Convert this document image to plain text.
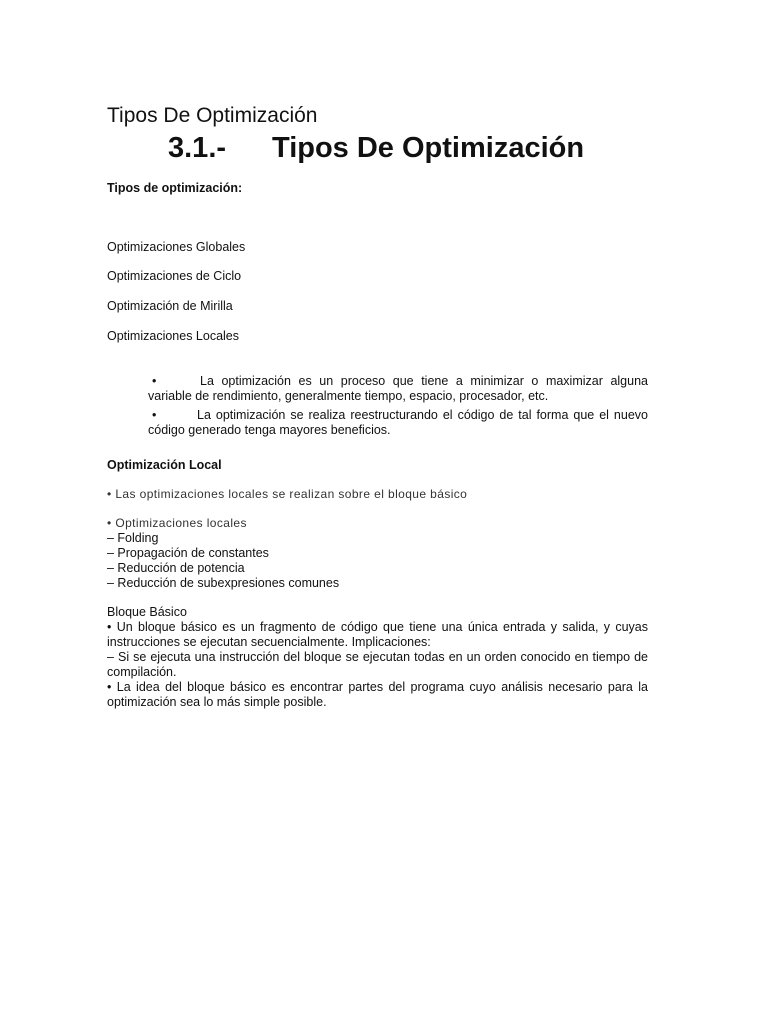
Tipos De Optimización
3.1.- Tipos De Optimización
Tipos de optimización:
Optimizaciones Globales
Optimizaciones de Ciclo
Optimización de Mirilla
Optimizaciones Locales
•	La optimización es un proceso que tiene a minimizar o maximizar alguna variable de rendimiento, generalmente tiempo, espacio, procesador, etc.
•	La optimización se realiza reestructurando el código de tal forma que el nuevo código generado tenga mayores beneficios.
Optimización Local
• Las optimizaciones locales se realizan sobre el bloque básico
• Optimizaciones locales
– Folding
– Propagación de constantes
– Reducción de potencia
– Reducción de subexpresiones comunes
Bloque Básico
• Un bloque básico es un fragmento de código que tiene una única entrada y salida, y cuyas instrucciones se ejecutan secuencialmente. Implicaciones:
– Si se ejecuta una instrucción del bloque se ejecutan todas en un orden conocido en tiempo de compilación.
• La idea del bloque básico es encontrar partes del programa cuyo análisis necesario para la optimización sea lo más simple posible.
